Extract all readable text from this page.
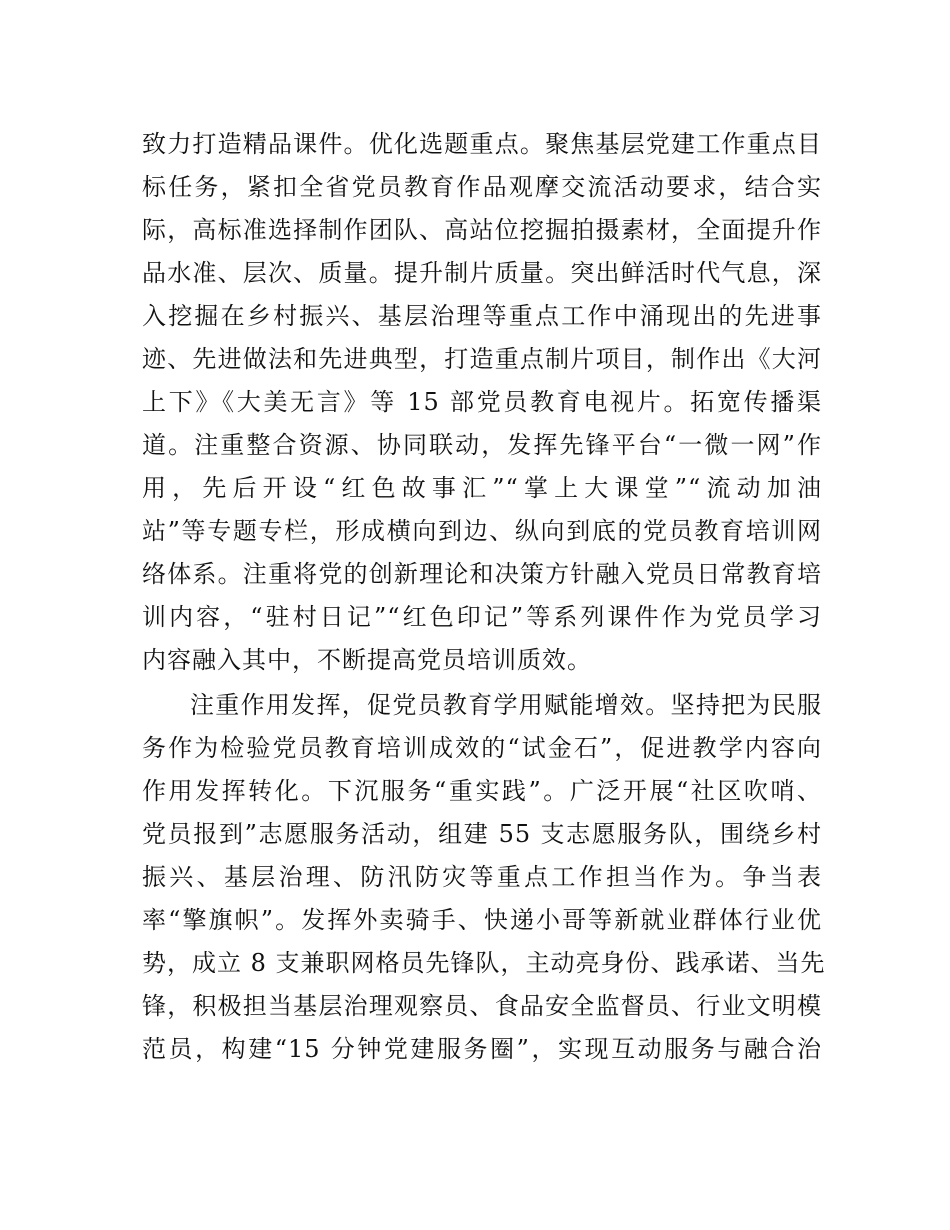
致力打造精品课件。优化选题重点。聚焦基层党建工作重点目
标任务，紧扣全省党员教育作品观摩交流活动要求，结合实
际，高标准选择制作团队、高站位挖掘拍摄素材，全面提升作
品水准、层次、质量。提升制片质量。突出鲜活时代气息，深
入挖掘在乡村振兴、基层治理等重点工作中涌现出的先进事
迹、先进做法和先进典型，打造重点制片项目，制作出《大河
上下》《大美无言》等 15 部党员教育电视片。拓宽传播渠
道。注重整合资源、协同联动，发挥先锋平台“一微一网”作
用，先后开设“红色故事汇”“掌上大课堂”“流动加油
站”等专题专栏，形成横向到边、纵向到底的党员教育培训网
络体系。注重将党的创新理论和决策方针融入党员日常教育培
训内容，“驻村日记”“红色印记”等系列课件作为党员学习
内容融入其中，不断提高党员培训质效。
注重作用发挥，促党员教育学用赋能增效。坚持把为民服
务作为检验党员教育培训成效的“试金石”，促进教学内容向
作用发挥转化。下沉服务“重实践”。广泛开展“社区吹哨、
党员报到”志愿服务活动，组建 55 支志愿服务队，围绕乡村
振兴、基层治理、防汛防灾等重点工作担当作为。争当表
率“擎旗帜”。发挥外卖骑手、快递小哥等新就业群体行业优
势，成立 8 支兼职网格员先锋队，主动亮身份、践承诺、当先
锋，积极担当基层治理观察员、食品安全监督员、行业文明模
范员，构建“15 分钟党建服务圈”，实现互动服务与融合治
